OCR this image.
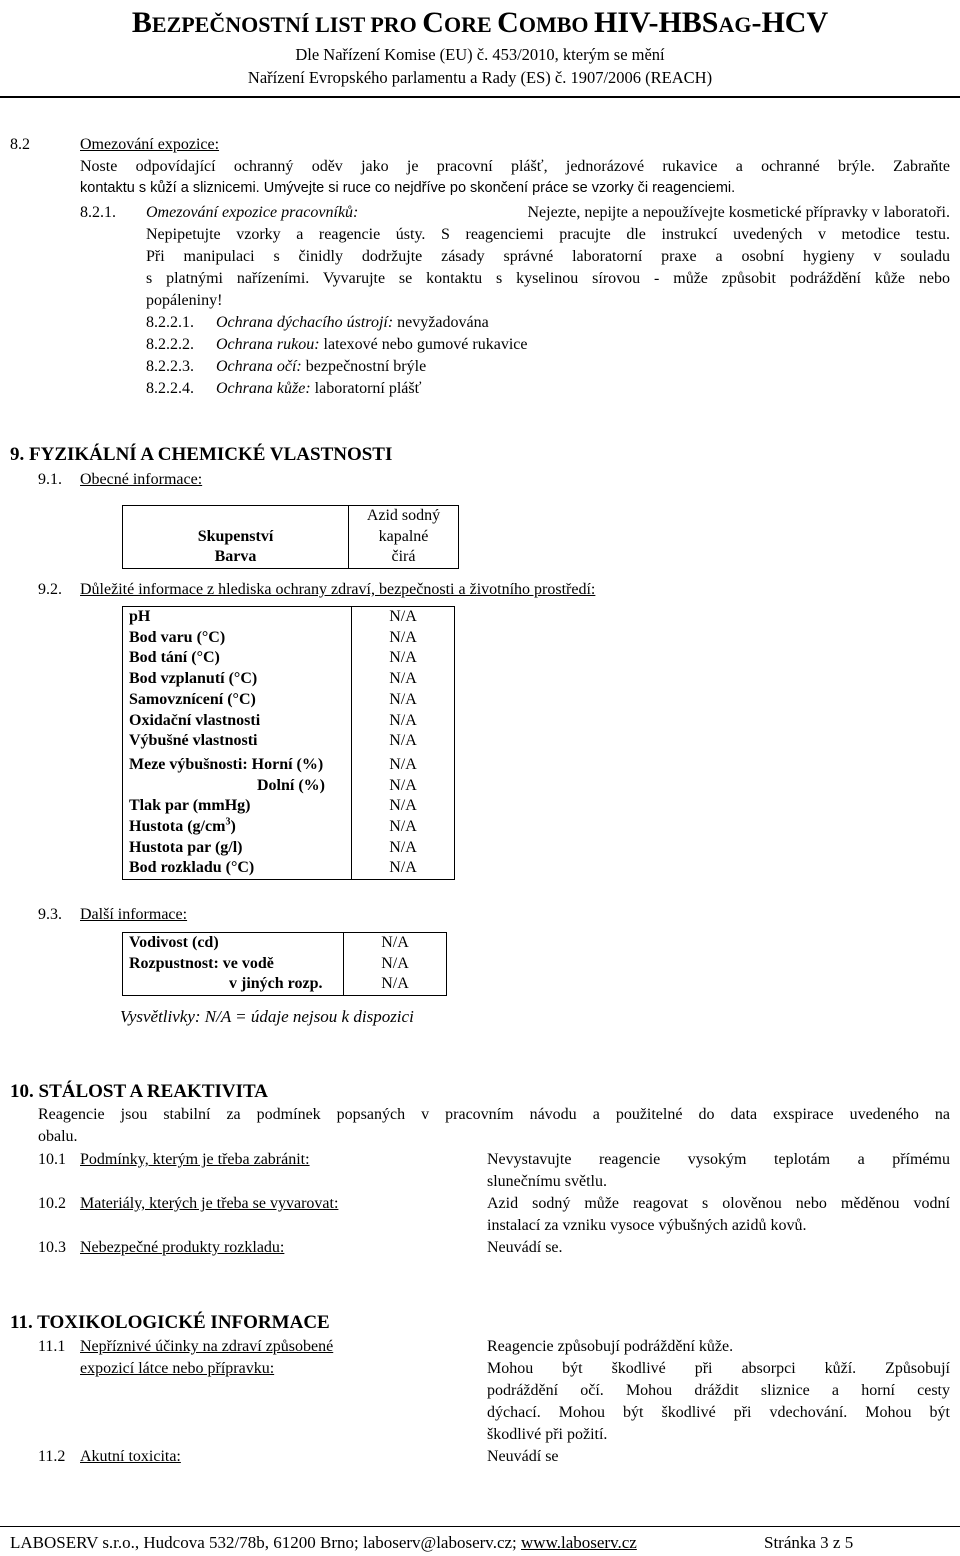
BEZPEČNOSTNÍ LIST PRO CORE COMBO HIV-HBSAG-HCV
Dle Nařízení Komise (EU) č. 453/2010, kterým se mění
Nařízení Evropského parlamentu a Rady (ES) č. 1907/2006 (REACH)
8.2	Omezování expozice:
Noste odpovídající ochranný oděv jako je pracovní plášť, jednorázové rukavice a ochranné brýle. Zabraňte
kontaktu s kůží a sliznicemi. Umývejte si ruce co nejdříve po skončení práce se vzorky či reagenciemi.
8.2.1. Omezování expozice pracovníků:	Nejezte, nepijte a nepoužívejte kosmetické přípravky v laboratoři.
Nepipetujte vzorky a reagencie ústy. S reagenciemi pracujte dle instrukcí uvedených v metodice testu.
Při manipulaci s činidly dodržujte zásady správné laboratorní praxe a osobní hygieny v souladu
s platnými nařízeními. Vyvarujte se kontaktu s kyselinou sírovou - může způsobit podráždění kůže nebo
popáleniny!
8.2.2.1. Ochrana dýchacího ústrojí: nevyžadována
8.2.2.2. Ochrana rukou: latexové nebo gumové rukavice
8.2.2.3. Ochrana očí: bezpečnostní brýle
8.2.2.4. Ochrana kůže: laboratorní plášť
9. FYZIKÁLNÍ A CHEMICKÉ VLASTNOSTI
9.1. Obecné informace:
	Azid sodný
Skupenství	kapalné
Barva	čirá
9.2. Důležité informace z hlediska ochrany zdraví, bezpečnosti a životního prostředí:
pH	N/A
Bod varu (°C)	N/A
Bod tání (°C)	N/A
Bod vzplanutí (°C)	N/A
Samovznícení (°C)	N/A
Oxidační vlastnosti	N/A
Výbušné vlastnosti	N/A
Meze výbušnosti: Horní (%)	N/A
Dolní (%)	N/A
Tlak par (mmHg)	N/A
Hustota $(g/cm^3)$	N/A
Hustota par (g/l)	N/A
Bod rozkladu (°C)	N/A
9.3. Další informace:
Vodivost (cd)	N/A
Rozpustnost: ve vodě	N/A
v jiných rozp.	N/A
Vysvětlivky: N/A = údaje nejsou k dispozici
10. STÁLOST A REAKTIVITA
Reagencie jsou stabilní za podmínek popsaných v pracovním návodu a použitelné do data exspirace uvedeného na
obalu.
10.1 Podmínky, kterým je třeba zabránit:	Nevystavujte reagencie vysokým teplotám a přímému
slunečnímu světlu.
10.2 Materiály, kterých je třeba se vyvarovat:	Azid sodný může reagovat s olověnou nebo měděnou vodní
instalací za vzniku vysoce výbušných azidů kovů.
10.3 Nebezpečné produkty rozkladu:	Neuvádí se.
11. TOXIKOLOGICKÉ INFORMACE
11.1 Nepříznivé účinky na zdraví způsobené
expozicí látce nebo přípravku:
Reagencie způsobují podráždění kůže.
Mohou být škodlivé při absorpci kůží. Způsobují
podráždění očí. Mohou dráždit sliznice a horní cesty
dýchací. Mohou být škodlivé při vdechování. Mohou být
škodlivé při požití.
11.2 Akutní toxicita:	Neuvádí se
LABOSERV s.r.o., Hudcova 532/78b, 61200 Brno; laboserv@laboserv.cz; www.laboserv.cz	Stránka 3 z 5
